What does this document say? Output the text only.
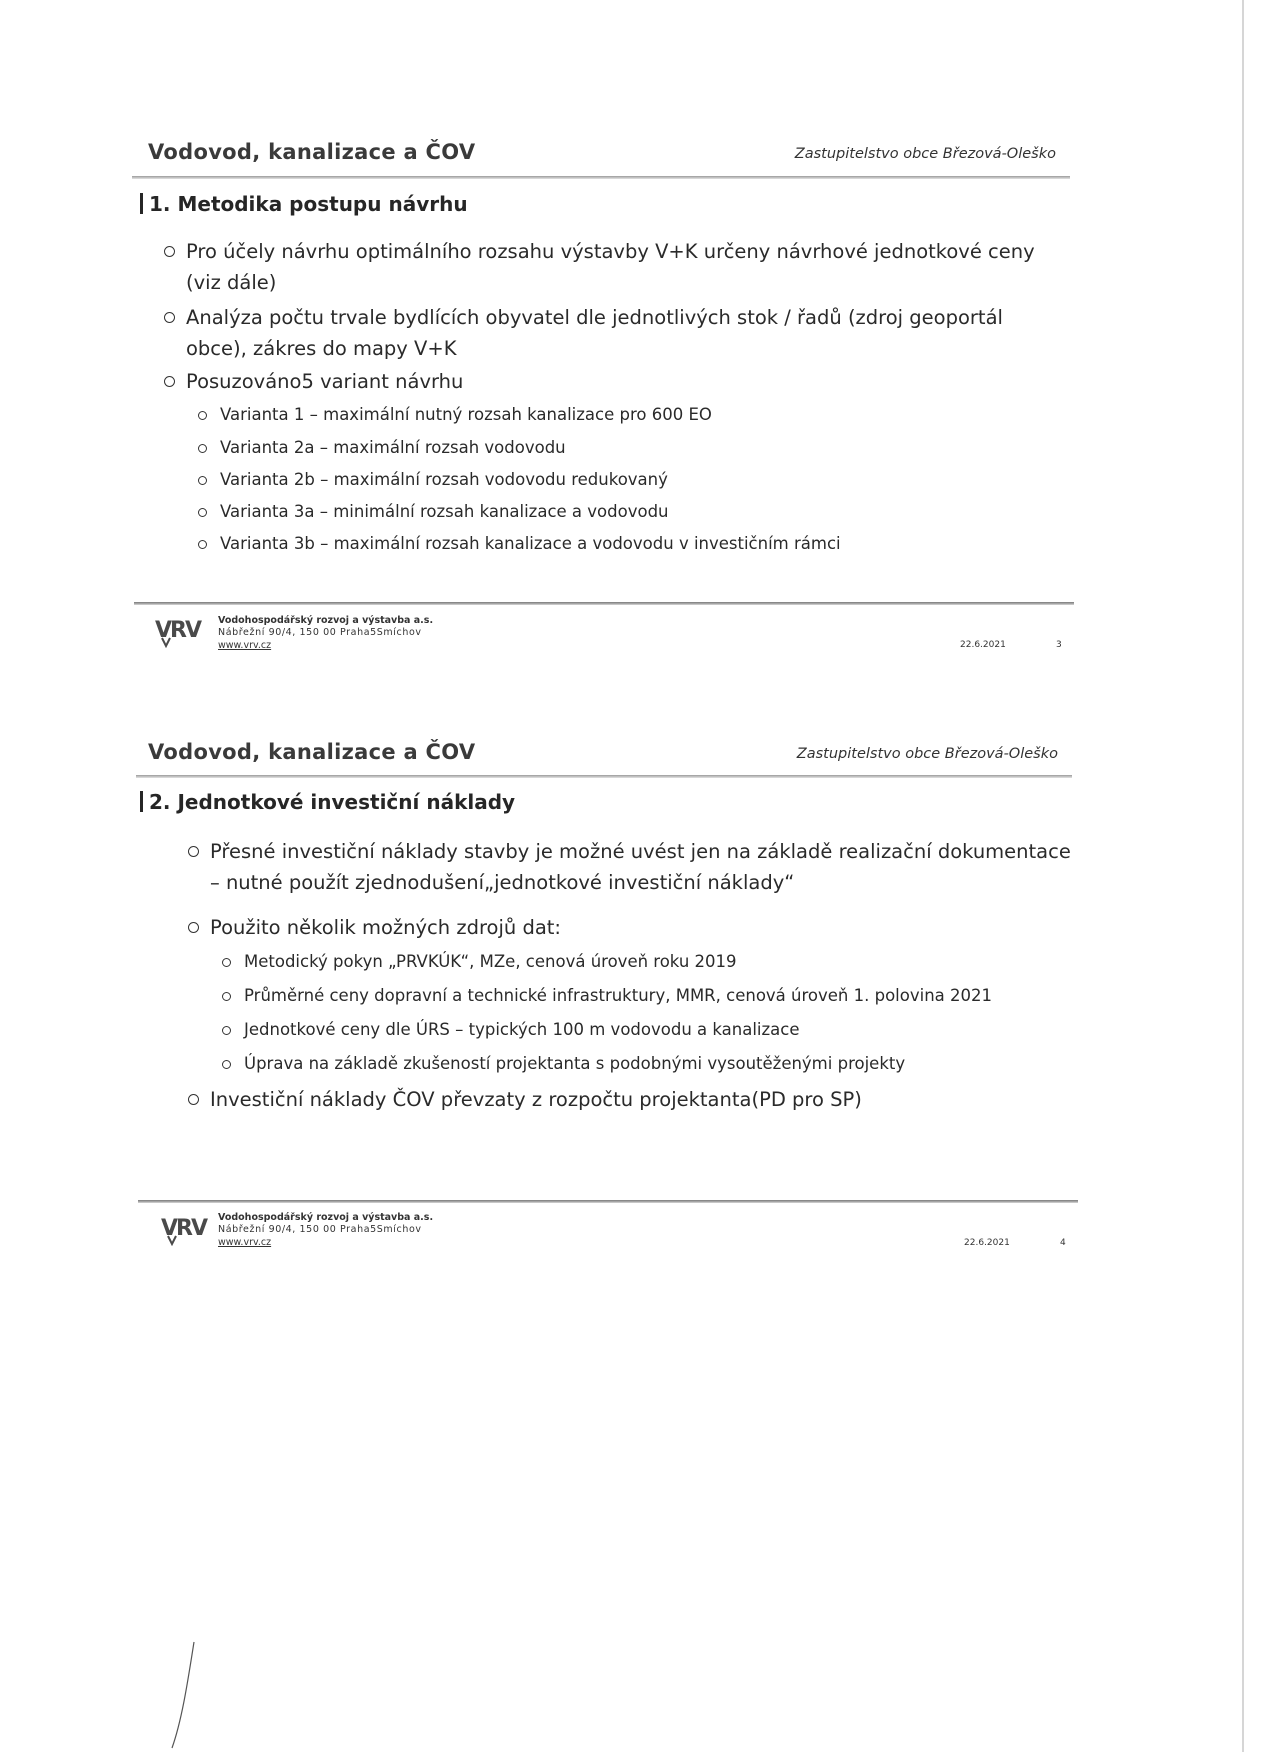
Vodovod, kanalizace a ČOV	Zastupitelstvo obce Březová-Oleško
1. Metodika postupu návrhu
Pro účely návrhu optimálního rozsahu výstavby V+K určeny návrhové jednotkové ceny (viz dále)
Analýza počtu trvale bydlících obyvatel dle jednotlivých stok / řadů (zdroj geoportál obce), zákres do mapy V+K
Posuzováno5 variant návrhu
Varianta 1 – maximální nutný rozsah kanalizace pro 600 EO
Varianta 2a – maximální rozsah vodovodu
Varianta 2b – maximální rozsah vodovodu redukovaný
Varianta 3a – minimální rozsah kanalizace a vodovodu
Varianta 3b – maximální rozsah kanalizace a vodovodu v investičním rámci
VRV Vodohospodářský rozvoj a výstavba a.s.
Nábřežní 90/4, 150 00 Praha5Smíchov
www.vrv.cz	22.6.2021	3
Vodovod, kanalizace a ČOV	Zastupitelstvo obce Březová-Oleško
2. Jednotkové investiční náklady
Přesné investiční náklady stavby je možné uvést jen na základě realizační dokumentace – nutné použít zjednodušení„jednotkové investiční náklady“
Použito několik možných zdrojů dat:
Metodický pokyn „PRVKÚK“, MZe, cenová úroveň roku 2019
Průměrné ceny dopravní a technické infrastruktury, MMR, cenová úroveň 1. polovina 2021
Jednotkové ceny dle ÚRS – typických 100 m vodovodu a kanalizace
Úprava na základě zkušeností projektanta s podobnými vysoutěženými projekty
Investiční náklady ČOV převzaty z rozpočtu projektanta(PD pro SP)
VRV Vodohospodářský rozvoj a výstavba a.s.
Nábřežní 90/4, 150 00 Praha5Smíchov
www.vrv.cz	22.6.2021	4
